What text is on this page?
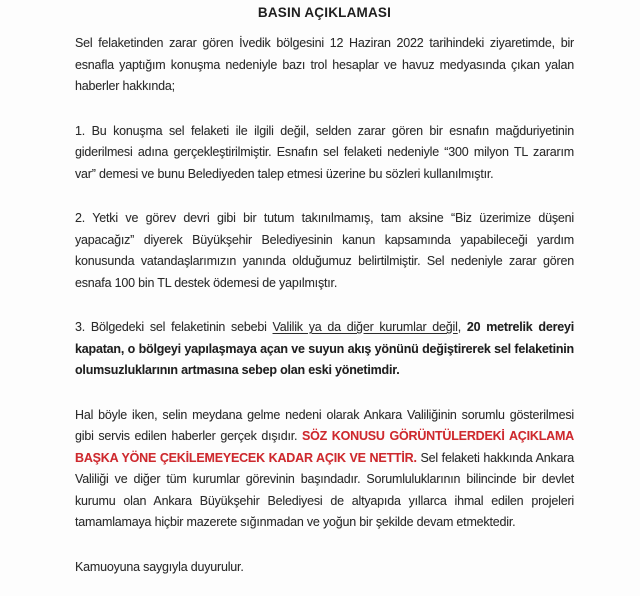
BASIN AÇIKLAMASI

Sel felaketinden zarar gören İvedik bölgesini 12 Haziran 2022 tarihindeki ziyaretimde, bir esnafla yaptığım konuşma nedeniyle bazı trol hesaplar ve havuz medyasında çıkan yalan haberler hakkında;

1. Bu konuşma sel felaketi ile ilgili değil, selden zarar gören bir esnafın mağduriyetinin giderilmesi adına gerçekleştirilmiştir. Esnafın sel felaketi nedeniyle “300 milyon TL zararım var” demesi ve bunu Belediyeden talep etmesi üzerine bu sözleri kullanılmıştır.

2. Yetki ve görev devri gibi bir tutum takınılmamış, tam aksine “Biz üzerimize düşeni yapacağız” diyerek Büyükşehir Belediyesinin kanun kapsamında yapabileceği yardım konusunda vatandaşlarımızın yanında olduğumuz belirtilmiştir. Sel nedeniyle zarar gören esnafa 100 bin TL destek ödemesi de yapılmıştır.

3. Bölgedeki sel felaketinin sebebi Valilik ya da diğer kurumlar değil, 20 metrelik dereyi kapatan, o bölgeyi yapılaşmaya açan ve suyun akış yönünü değiştirerek sel felaketinin olumsuzluklarının artmasına sebep olan eski yönetimdir.

Hal böyle iken, selin meydana gelme nedeni olarak Ankara Valiliğinin sorumlu gösterilmesi gibi servis edilen haberler gerçek dışıdır. SÖZ KONUSU GÖRÜNTÜLERDEKİ AÇIKLAMA BAŞKA YÖNE ÇEKİLEMEYECEK KADAR AÇIK VE NETTİR. Sel felaketi hakkında Ankara Valiliği ve diğer tüm kurumlar görevinin başındadır. Sorumluluklarının bilincinde bir devlet kurumu olan Ankara Büyükşehir Belediyesi de altyapıda yıllarca ihmal edilen projeleri tamamlamaya hiçbir mazerete sığınmadan ve yoğun bir şekilde devam etmektedir.

Kamuoyuna saygıyla duyurulur.
